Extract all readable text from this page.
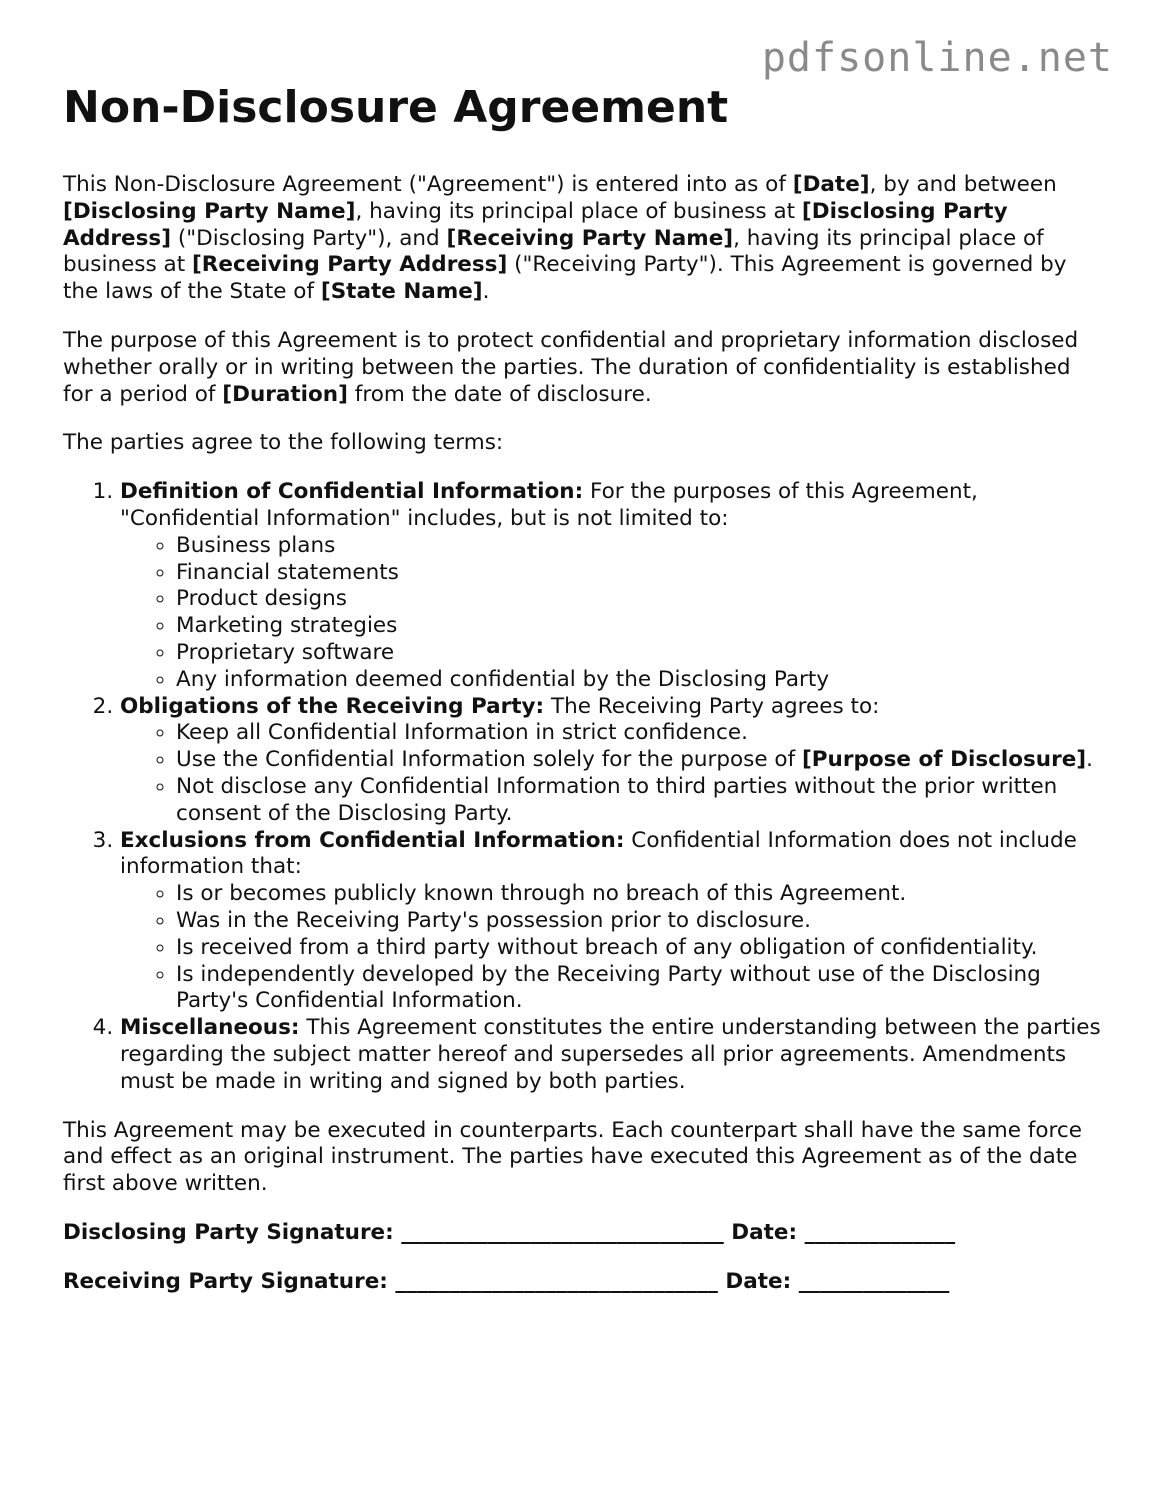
pdfsonline.net
Non-Disclosure Agreement

This Non-Disclosure Agreement ("Agreement") is entered into as of [Date], by and between [Disclosing Party Name], having its principal place of business at [Disclosing Party Address] ("Disclosing Party"), and [Receiving Party Name], having its principal place of business at [Receiving Party Address] ("Receiving Party"). This Agreement is governed by the laws of the State of [State Name].

The purpose of this Agreement is to protect confidential and proprietary information disclosed whether orally or in writing between the parties. The duration of confidentiality is established for a period of [Duration] from the date of disclosure.

The parties agree to the following terms:

1. Definition of Confidential Information: For the purposes of this Agreement, "Confidential Information" includes, but is not limited to:
◦ Business plans
◦ Financial statements
◦ Product designs
◦ Marketing strategies
◦ Proprietary software
◦ Any information deemed confidential by the Disclosing Party
2. Obligations of the Receiving Party: The Receiving Party agrees to:
◦ Keep all Confidential Information in strict confidence.
◦ Use the Confidential Information solely for the purpose of [Purpose of Disclosure].
◦ Not disclose any Confidential Information to third parties without the prior written consent of the Disclosing Party.
3. Exclusions from Confidential Information: Confidential Information does not include information that:
◦ Is or becomes publicly known through no breach of this Agreement.
◦ Was in the Receiving Party's possession prior to disclosure.
◦ Is received from a third party without breach of any obligation of confidentiality.
◦ Is independently developed by the Receiving Party without use of the Disclosing Party's Confidential Information.
4. Miscellaneous: This Agreement constitutes the entire understanding between the parties regarding the subject matter hereof and supersedes all prior agreements. Amendments must be made in writing and signed by both parties.

This Agreement may be executed in counterparts. Each counterpart shall have the same force and effect as an original instrument. The parties have executed this Agreement as of the date first above written.

Disclosing Party Signature: ______________________________ Date: ______________
Receiving Party Signature: ______________________________ Date: ______________
